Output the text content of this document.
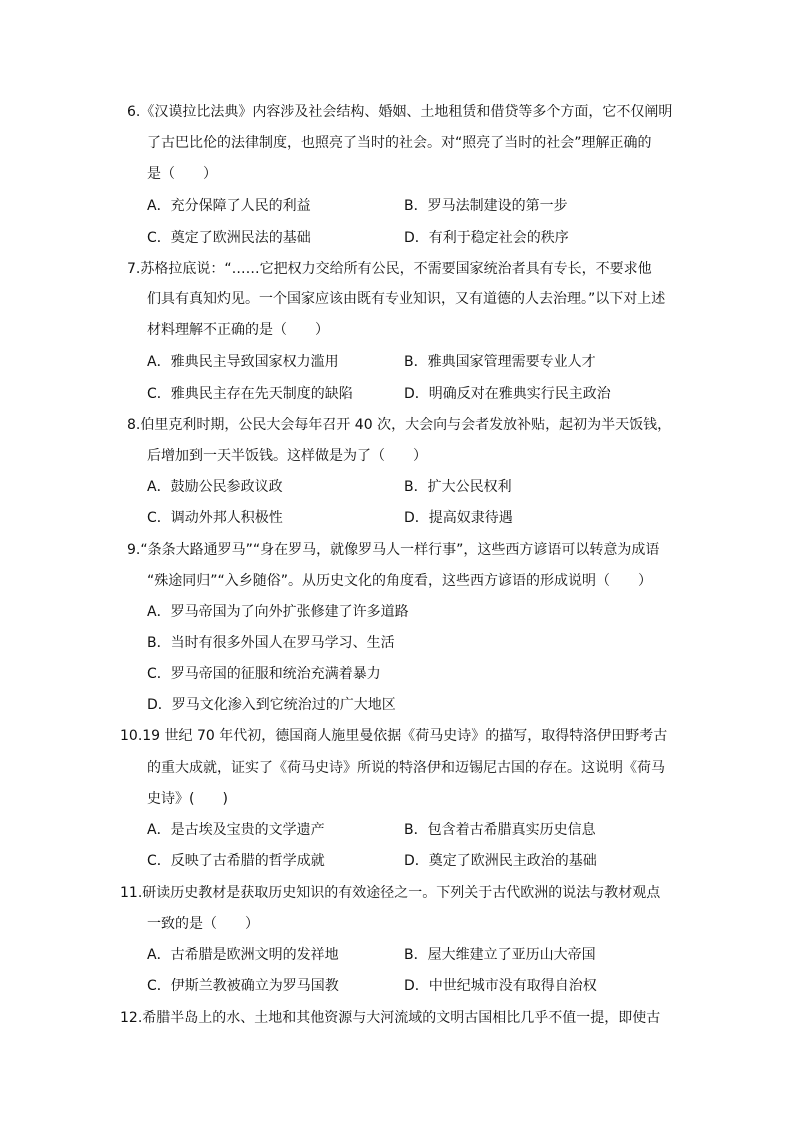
6.《汉谟拉比法典》内容涉及社会结构、婚姻、土地租赁和借贷等多个方面，它不仅阐明
了古巴比伦的法律制度，也照亮了当时的社会。对“照亮了当时的社会”理解正确的
是（　　）
A．充分保障了人民的利益	B．罗马法制建设的第一步
C．奠定了欧洲民法的基础	D．有利于稳定社会的秩序
7.苏格拉底说：“……它把权力交给所有公民，不需要国家统治者具有专长，不要求他
们具有真知灼见。一个国家应该由既有专业知识，又有道德的人去治理。”以下对上述
材料理解不正确的是（　　）
A．雅典民主导致国家权力滥用	B．雅典国家管理需要专业人才
C．雅典民主存在先天制度的缺陷	D．明确反对在雅典实行民主政治
8.伯里克利时期，公民大会每年召开 40 次，大会向与会者发放补贴，起初为半天饭钱，
后增加到一天半饭钱。这样做是为了（　　）
A．鼓励公民参政议政	B．扩大公民权利
C．调动外邦人积极性	D．提高奴隶待遇
9.“条条大路通罗马”“身在罗马，就像罗马人一样行事”，这些西方谚语可以转意为成语
“殊途同归”“入乡随俗”。从历史文化的角度看，这些西方谚语的形成说明（　　）
A．罗马帝国为了向外扩张修建了许多道路
B．当时有很多外国人在罗马学习、生活
C．罗马帝国的征服和统治充满着暴力
D．罗马文化渗入到它统治过的广大地区
10.19 世纪 70 年代初，德国商人施里曼依据《荷马史诗》的描写，取得特洛伊田野考古
的重大成就，证实了《荷马史诗》所说的特洛伊和迈锡尼古国的存在。这说明《荷马
史诗》(　　)
A．是古埃及宝贵的文学遗产	B．包含着古希腊真实历史信息
C．反映了古希腊的哲学成就	D．奠定了欧洲民主政治的基础
11.研读历史教材是获取历史知识的有效途径之一。下列关于古代欧洲的说法与教材观点
一致的是（　　）
A．古希腊是欧洲文明的发祥地	B．屋大维建立了亚历山大帝国
C．伊斯兰教被确立为罗马国教	D．中世纪城市没有取得自治权
12.希腊半岛上的水、土地和其他资源与大河流域的文明古国相比几乎不值一提，即使古
